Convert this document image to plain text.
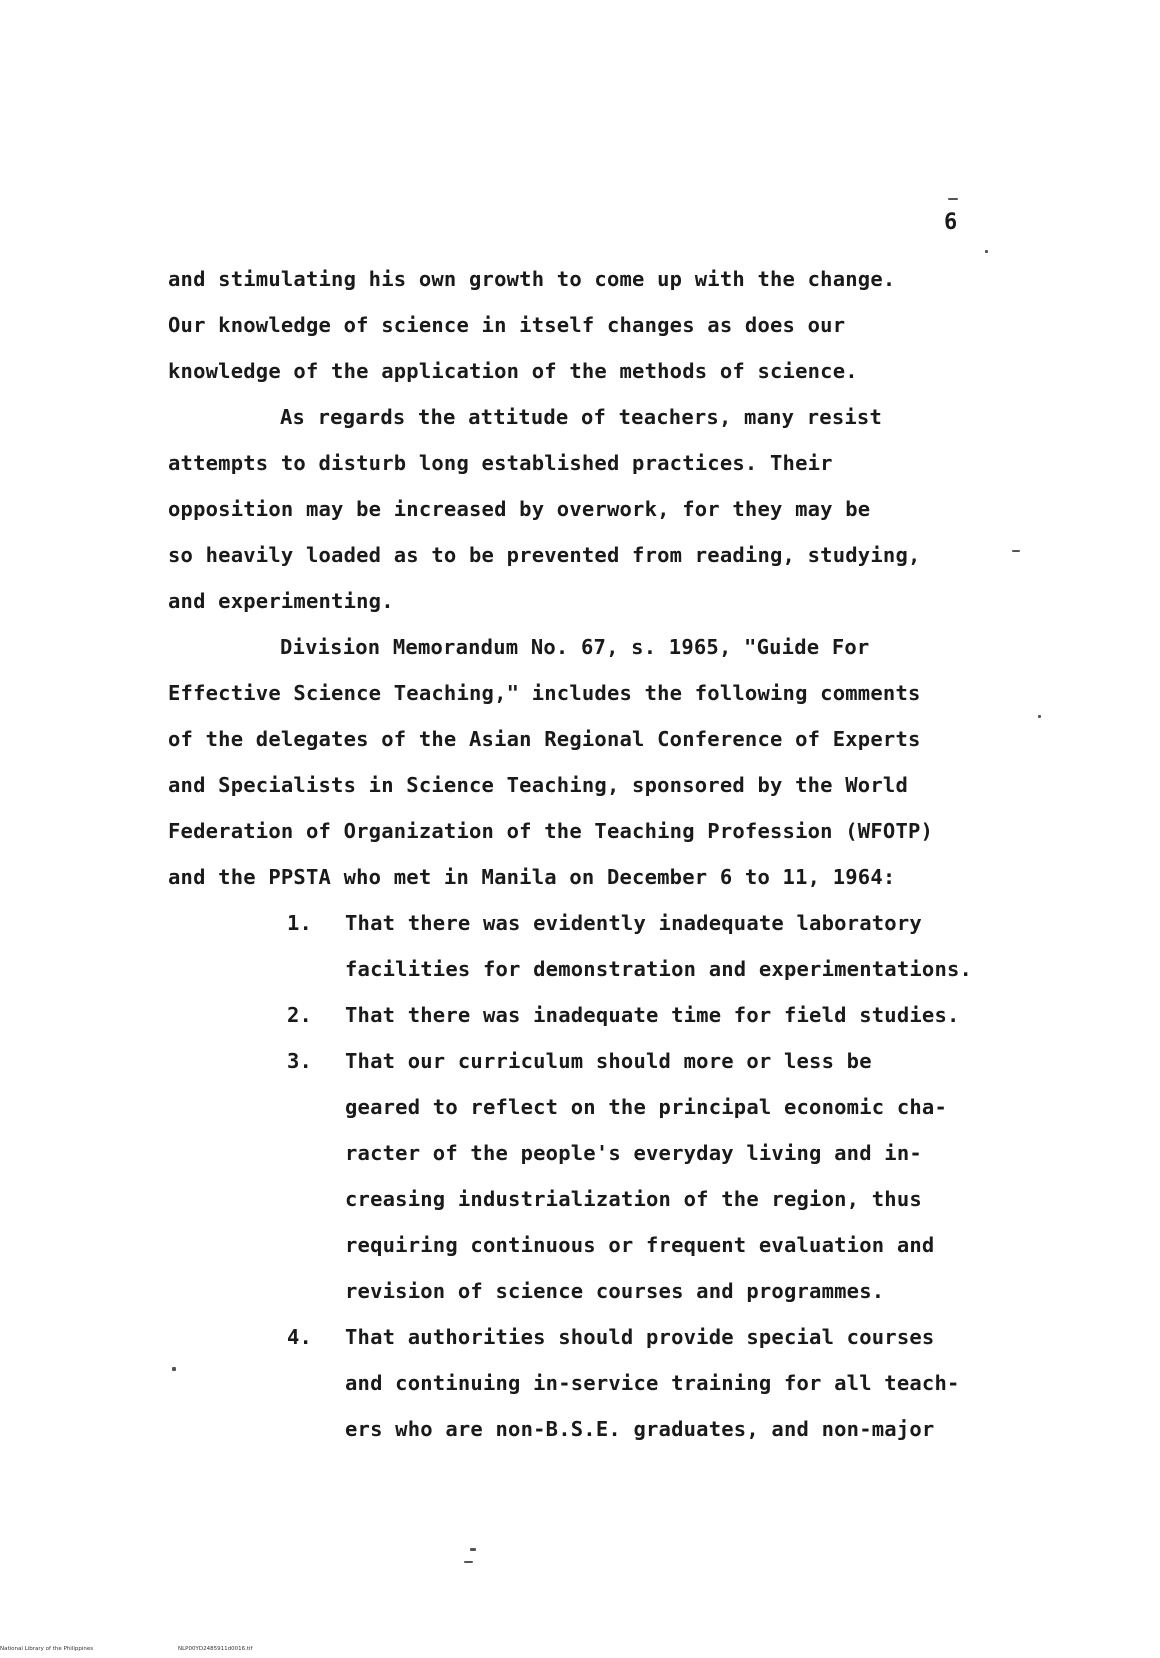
6
and stimulating his own growth to come up with the change.
Our knowledge of science in itself changes as does our
knowledge of the application of the methods of science.
As regards the attitude of teachers, many resist
attempts to disturb long established practices. Their
opposition may be increased by overwork, for they may be
so heavily loaded as to be prevented from reading, studying,
and experimenting.
Division Memorandum No. 67, s. 1965, "Guide For
Effective Science Teaching," includes the following comments
of the delegates of the Asian Regional Conference of Experts
and Specialists in Science Teaching, sponsored by the World
Federation of Organization of the Teaching Profession (WFOTP)
and the PPSTA who met in Manila on December 6 to 11, 1964:
1. That there was evidently inadequate laboratory
facilities for demonstration and experimentations.
2. That there was inadequate time for field studies.
3. That our curriculum should more or less be
geared to reflect on the principal economic cha-
racter of the people's everyday living and in-
creasing industrialization of the region, thus
requiring continuous or frequent evaluation and
revision of science courses and programmes.
4. That authorities should provide special courses
and continuing in-service training for all teach-
ers who are non-B.S.E. graduates, and non-major
National Library of the Philippines	NLP00YD2485911d0016.tif
